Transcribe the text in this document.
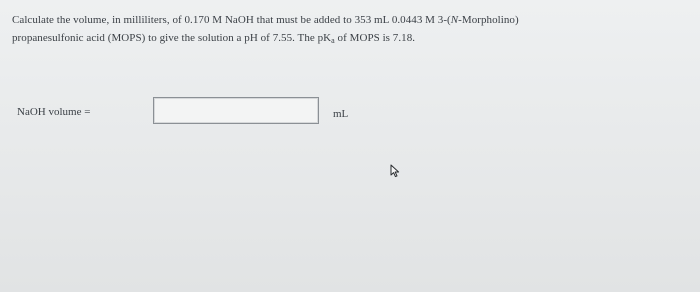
Calculate the volume, in milliliters, of 0.170 M NaOH that must be added to 353 mL 0.0443 M 3-(N-Morpholino)
propanesulfonic acid (MOPS) to give the solution a pH of 7.55. The $pK_a$ of MOPS is 7.18.
NaOH volume =	mL
